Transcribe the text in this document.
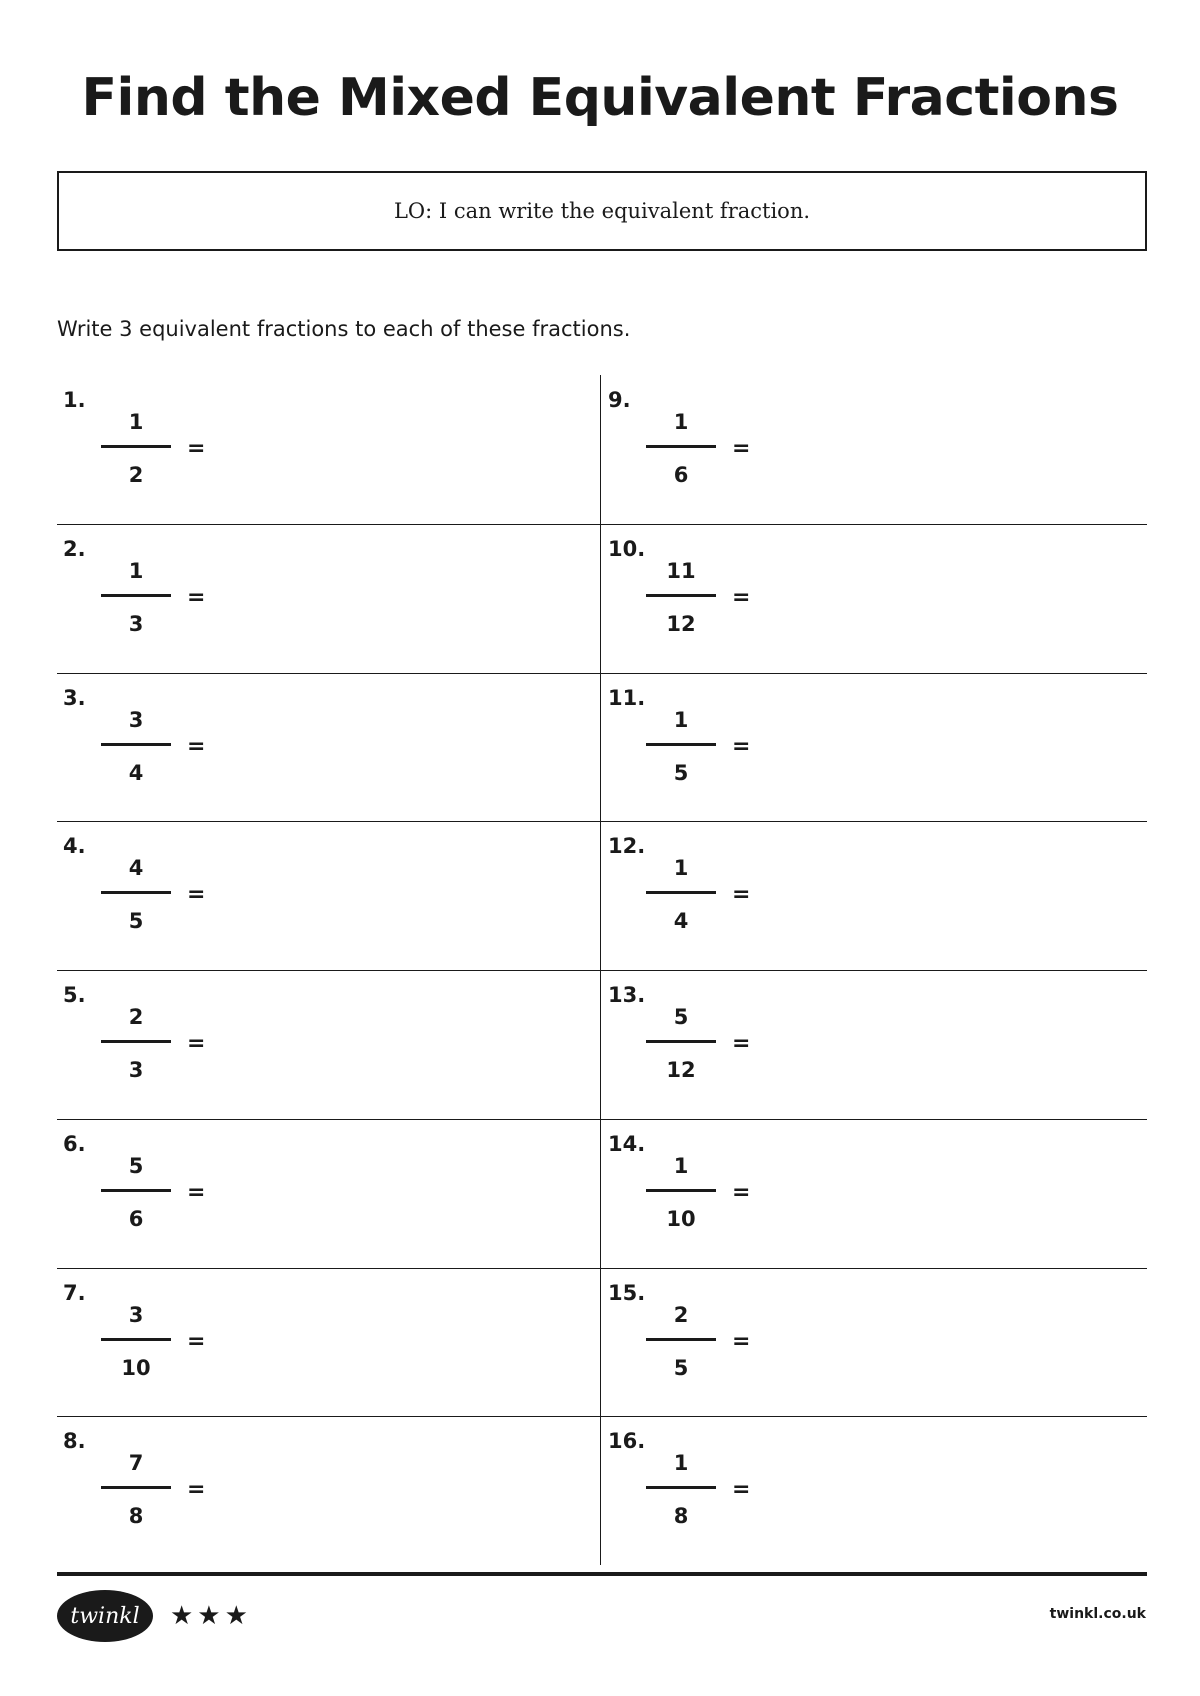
Find the Mixed Equivalent Fractions
LO: I can write the equivalent fraction.

Write 3 equivalent fractions to each of these fractions.

1.
1
2
=
2.
1
3
=
3.
3
4
=
4.
4
5
=
5.
2
3
=
6.
5
6
=
7.
3
10
=
8.
7
8
=
9.
1
6
=
10.
11
12
=
11.
1
5
=
12.
1
4
=
13.
5
12
=
14.
1
10
=
15.
2
5
=
16.
1
8
=
twinkl ★★★	twinkl.co.uk
